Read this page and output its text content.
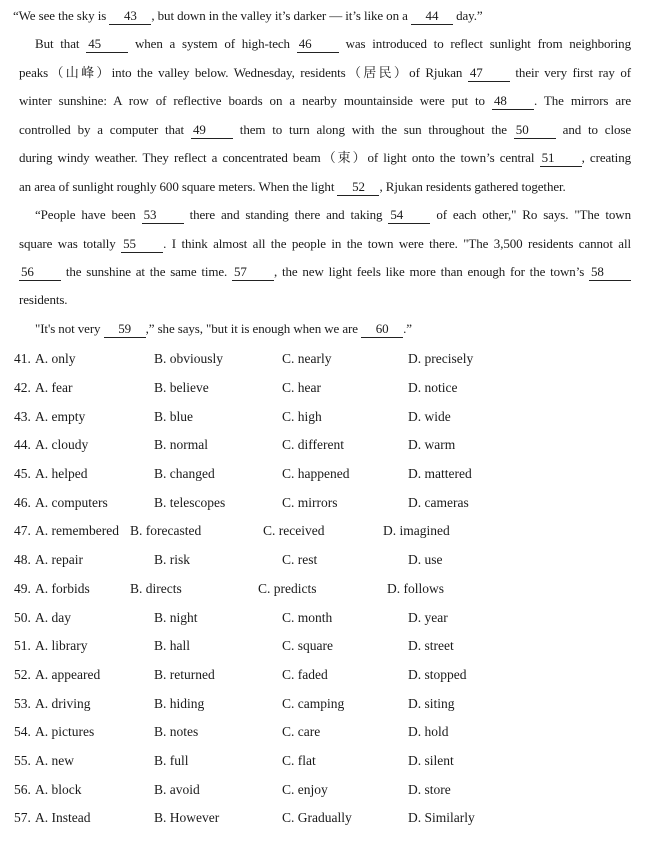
“We see the sky is 43 , but down in the valley it’s darker — it’s like on a 44 day.”
But that 45 when a system of high-tech 46 was introduced to reflect sunlight from neighboring
peaks（山峰）into the valley below. Wednesday, residents（居民）of Rjukan 47 their very first ray of
winter sunshine: A row of reflective boards on a nearby mountainside were put to 48 . The mirrors are
controlled by a computer that 49 them to turn along with the sun throughout the 50 and to close
during windy weather. They reflect a concentrated beam（束）of light onto the town’s central 51 , creating
an area of sunlight roughly 600 square meters. When the light 52 , Rjukan residents gathered together.
“People have been 53 there and standing there and taking 54 of each other," Ro says. "The town
square was totally 55 . I think almost all the people in the town were there. "The 3,500 residents cannot all
56 the sunshine at the same time. 57 , the new light feels like more than enough for the town’s 58
residents.
"It's not very 59 ,” she says, "but it is enough when we are 60 .”
41. A. only	B. obviously	C. nearly	D. precisely
42. A. fear	B. believe	C. hear	D. notice
43. A. empty	B. blue	C. high	D. wide
44. A. cloudy	B. normal	C. different	D. warm
45. A. helped	B. changed	C. happened	D. mattered
46. A. computers	B. telescopes	C. mirrors	D. cameras
47. A. remembered B. forecasted	C. received	D. imagined
48. A. repair	B. risk	C. rest	D. use
49. A. forbids	B. directs	C. predicts	D. follows
50. A. day	B. night	C. month	D. year
51. A. library	B. hall	C. square	D. street
52. A. appeared	B. returned	C. faded	D. stopped
53. A. driving	B. hiding	C. camping	D. siting
54. A. pictures	B. notes	C. care	D. hold
55. A. new	B. full	C. flat	D. silent
56. A. block	B. avoid	C. enjoy	D. store
57. A. Instead	B. However	C. Gradually	D. Similarly
